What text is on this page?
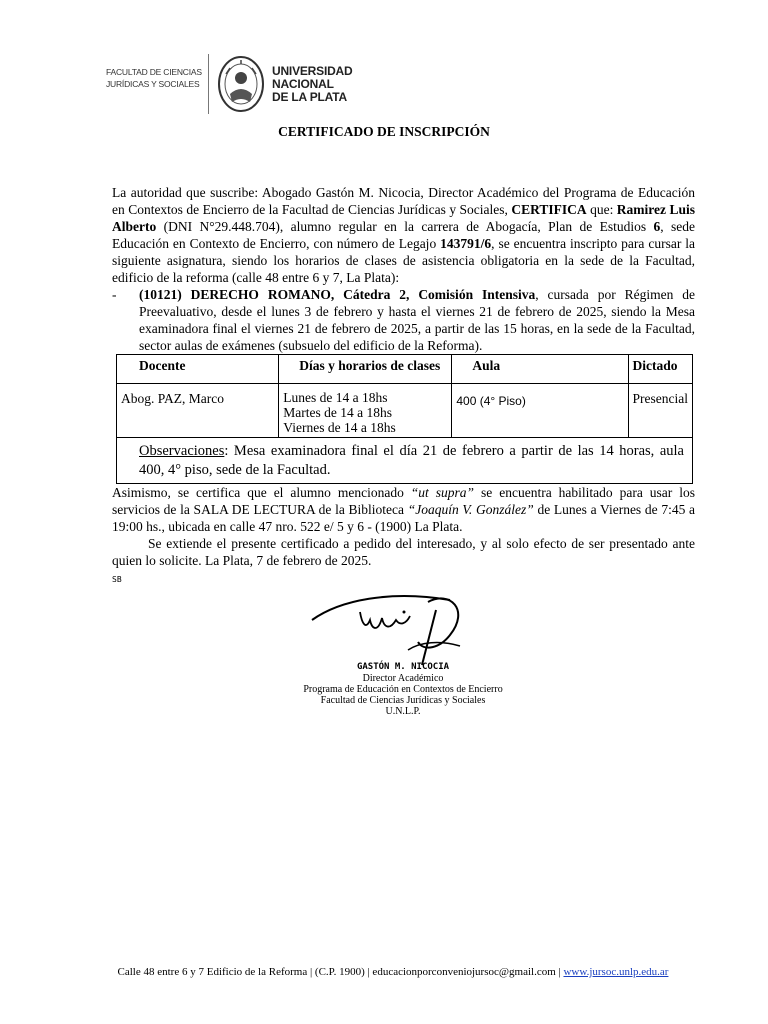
FACULTAD DE CIENCIAS
JURÍDICAS Y SOCIALES
UNIVERSIDAD
NACIONAL
DE LA PLATA
CERTIFICADO DE INSCRIPCIÓN

La autoridad que suscribe: Abogado Gastón M. Nicocia, Director Académico del Programa de Educación en Contextos de Encierro de la Facultad de Ciencias Jurídicas y Sociales, CERTIFICA que: Ramirez Luis Alberto (DNI N°29.448.704), alumno regular en la carrera de Abogacía, Plan de Estudios 6, sede Educación en Contexto de Encierro, con número de Legajo 143791/6, se encuentra inscripto para cursar la siguiente asignatura, siendo los horarios de clases de asistencia obligatoria en la sede de la Facultad, edificio de la reforma (calle 48 entre 6 y 7, La Plata):

- (10121) DERECHO ROMANO, Cátedra 2, Comisión Intensiva, cursada por Régimen de Preevaluativo, desde el lunes 3 de febrero y hasta el viernes 21 de febrero de 2025, siendo la Mesa examinadora final el viernes 21 de febrero de 2025, a partir de las 15 horas, en la sede de la Facultad, sector aulas de exámenes (subsuelo del edificio de la Reforma).

Docente	Días y horarios de clases	Aula	Dictado
Abog. PAZ, Marco	Lunes de 14 a 18hs
Martes de 14 a 18hs
Viernes de 14 a 18hs	400 (4° Piso)	Presencial
Observaciones: Mesa examinadora final el día 21 de febrero a partir de las 14 horas, aula 400, 4° piso, sede de la Facultad.			

Asimismo, se certifica que el alumno mencionado “ut supra” se encuentra habilitado para usar los servicios de la SALA DE LECTURA de la Biblioteca “Joaquín V. González” de Lunes a Viernes de 7:45 a 19:00 hs., ubicada en calle 47 nro. 522 e/ 5 y 6 - (1900) La Plata.

Se extiende el presente certificado a pedido del interesado, y al solo efecto de ser presentado ante quien lo solicite. La Plata, 7 de febrero de 2025.

SB
GASTÓN M. NICOCIA
Director Académico
Programa de Educación en Contextos de Encierro
Facultad de Ciencias Jurídicas y Sociales
U.N.L.P.
Calle 48 entre 6 y 7 Edificio de la Reforma | (C.P. 1900) | educacionporconveniojursoc@gmail.com | www.jursoc.unlp.edu.ar
